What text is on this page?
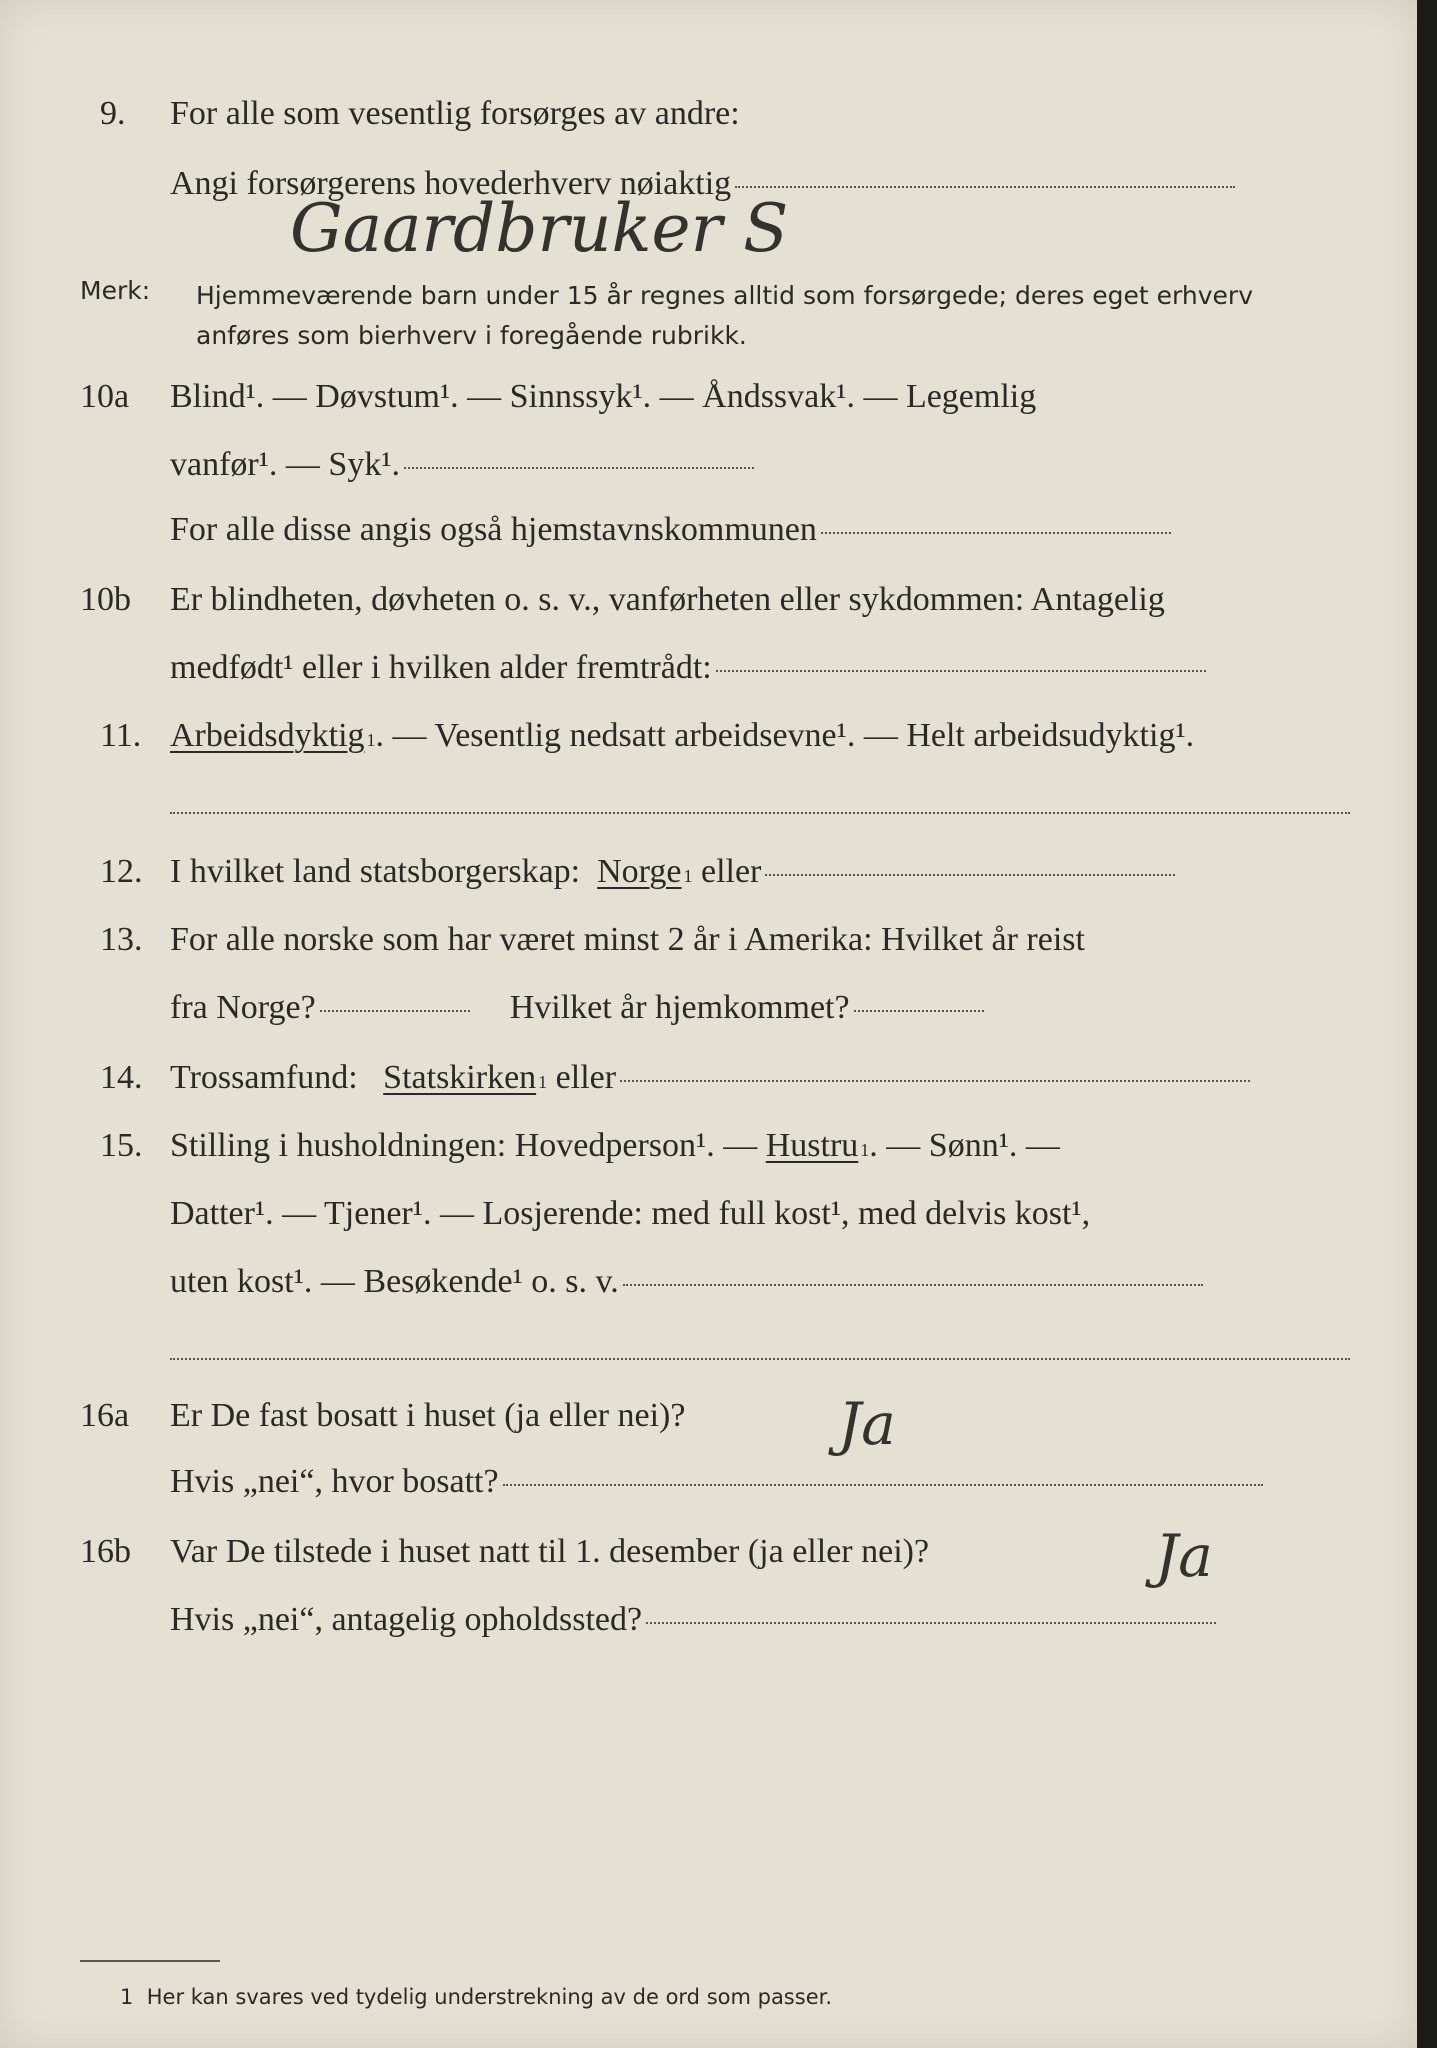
9. For alle som vesentlig forsørges av andre:
Angi forsørgerens hovederhverv nøiaktig
Gaardbruker S
Merk: Hjemmeværende barn under 15 år regnes alltid som forsørgede; deres eget erhverv
anføres som bierhverv i foregående rubrikk.
10a Blind¹. — Døvstum¹. — Sinnssyk¹. — Åndssvak¹. — Legemlig
vanfør¹. — Syk¹.
For alle disse angis også hjemstavnskommunen
10b Er blindheten, døvheten o. s. v., vanførheten eller sykdommen: Antagelig
medfødt¹ eller i hvilken alder fremtrådt:
11. Arbeidsdyktig 1 . — Vesentlig nedsatt arbeidsevne¹. — Helt arbeidsudyktig¹.
12. I hvilket land statsborgerskap:
Norge 1
eller
13. For alle norske som har været minst 2 år i Amerika: Hvilket år reist
fra Norge?	Hvilket år hjemkommet?
14. Trossamfund:
Statskirken 1
eller
15. Stilling i husholdningen: Hovedperson¹. — Hustru 1 . — Sønn¹. —
Datter¹. — Tjener¹. — Losjerende: med full kost¹, med delvis kost¹,
uten kost¹. — Besøkende¹ o. s. v.
16a Er De fast bosatt i huset (ja eller nei)?	Ja
Hvis „nei“, hvor bosatt?
16b Var De tilstede i huset natt til 1. desember (ja eller nei)?	Ja
Hvis „nei“, antagelig opholdssted?
1 Her kan svares ved tydelig understrekning av de ord som passer.
